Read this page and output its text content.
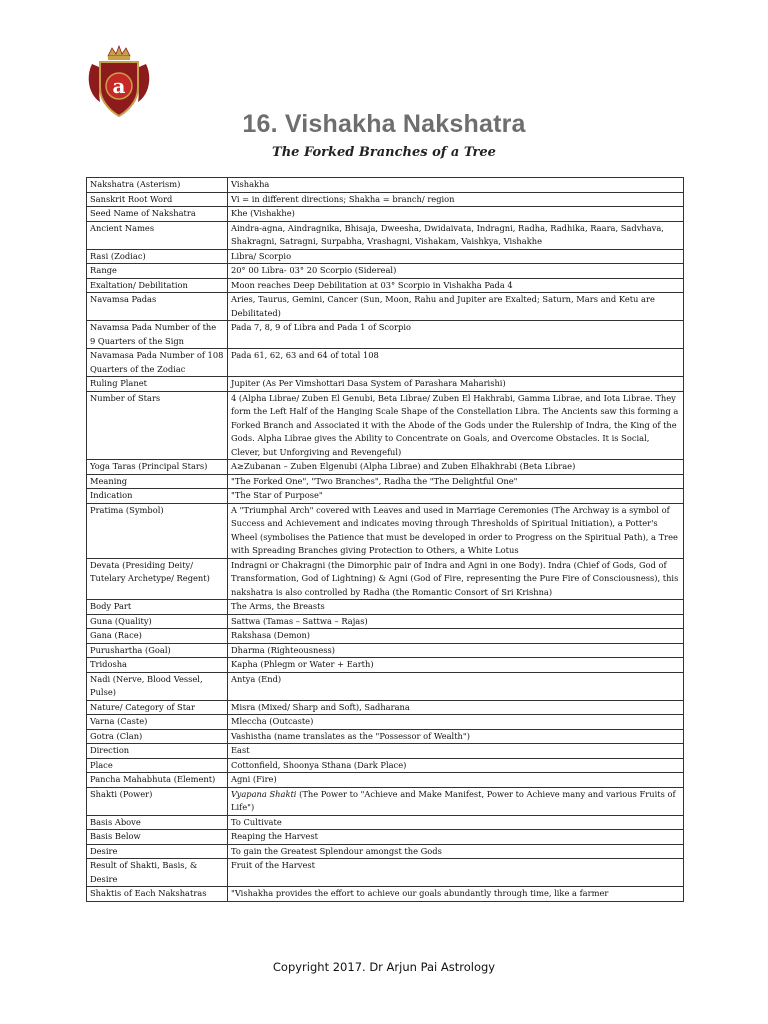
a
16. Vishakha Nakshatra
The Forked Branches of a Tree
Nakshatra (Asterism)	Vishakha
Sanskrit Root Word	Vi = in different directions; Shakha = branch/ region
Seed Name of Nakshatra	Khe (Vishakhe)
Ancient Names	Aindra-agna, Aindragnika, Bhisaja, Dweesha, Dwidaivata, Indragni, Radha, Radhika, Raara, Sadvhava, Shakragni, Satragni, Surpabha, Vrashagni, Vishakam, Vaishkya, Vishakhe
Rasi (Zodiac)	Libra/ Scorpio
Range	20° 00 Libra- 03° 20 Scorpio (Sidereal)
Exaltation/ Debilitation	Moon reaches Deep Debilitation at 03° Scorpio in Vishakha Pada 4
Navamsa Padas	Aries, Taurus, Gemini, Cancer (Sun, Moon, Rahu and Jupiter are Exalted; Saturn, Mars and Ketu are Debilitated)
Navamsa Pada Number of the 9 Quarters of the Sign	Pada 7, 8, 9 of Libra and Pada 1 of Scorpio
Navamasa Pada Number of 108 Quarters of the Zodiac	Pada 61, 62, 63 and 64 of total 108
Ruling Planet	Jupiter (As Per Vimshottari Dasa System of Parashara Maharishi)
Number of Stars	4 (Alpha Librae/ Zuben El Genubi, Beta Librae/ Zuben El Hakhrabi, Gamma Librae, and Iota Librae. They form the Left Half of the Hanging Scale Shape of the Constellation Libra. The Ancients saw this forming a Forked Branch and Associated it with the Abode of the Gods under the Rulership of Indra, the King of the Gods. Alpha Librae gives the Ability to Concentrate on Goals, and Overcome Obstacles. It is Social, Clever, but Unforgiving and Revengeful)
Yoga Taras (Principal Stars)	A≥Zubanan – Zuben Elgenubi (Alpha Librae) and Zuben Elhakhrabi (Beta Librae)
Meaning	"The Forked One", "Two Branches", Radha the "The Delightful One"
Indication	"The Star of Purpose"
Pratima (Symbol)	A "Triumphal Arch" covered with Leaves and used in Marriage Ceremonies (The Archway is a symbol of Success and Achievement and indicates moving through Thresholds of Spiritual Initiation), a Potter's Wheel (symbolises the Patience that must be developed in order to Progress on the Spiritual Path), a Tree with Spreading Branches giving Protection to Others, a White Lotus
Devata (Presiding Deity/ Tutelary Archetype/ Regent)	Indragni or Chakragni (the Dimorphic pair of Indra and Agni in one Body). Indra (Chief of Gods, God of Transformation, God of Lightning) & Agni (God of Fire, representing the Pure Fire of Consciousness), this nakshatra is also controlled by Radha (the Romantic Consort of Sri Krishna)
Body Part	The Arms, the Breasts
Guna (Quality)	Sattwa (Tamas – Sattwa – Rajas)
Gana (Race)	Rakshasa (Demon)
Purushartha (Goal)	Dharma (Righteousness)
Tridosha	Kapha (Phlegm or Water + Earth)
Nadi (Nerve, Blood Vessel, Pulse)	Antya (End)
Nature/ Category of Star	Misra (Mixed/ Sharp and Soft), Sadharana
Varna (Caste)	Mleccha (Outcaste)
Gotra (Clan)	Vashistha (name translates as the "Possessor of Wealth")
Direction	East
Place	Cottonfield, Shoonya Sthana (Dark Place)
Pancha Mahabhuta (Element)	Agni (Fire)
Shakti (Power)	Vyapana Shakti (The Power to "Achieve and Make Manifest, Power to Achieve many and various Fruits of Life")
Basis Above	To Cultivate
Basis Below	Reaping the Harvest
Desire	To gain the Greatest Splendour amongst the Gods
Result of Shakti, Basis, & Desire	Fruit of the Harvest
Shaktis of Each Nakshatras	"Vishakha provides the effort to achieve our goals abundantly through time, like a farmer
Copyright 2017. Dr Arjun Pai Astrology
